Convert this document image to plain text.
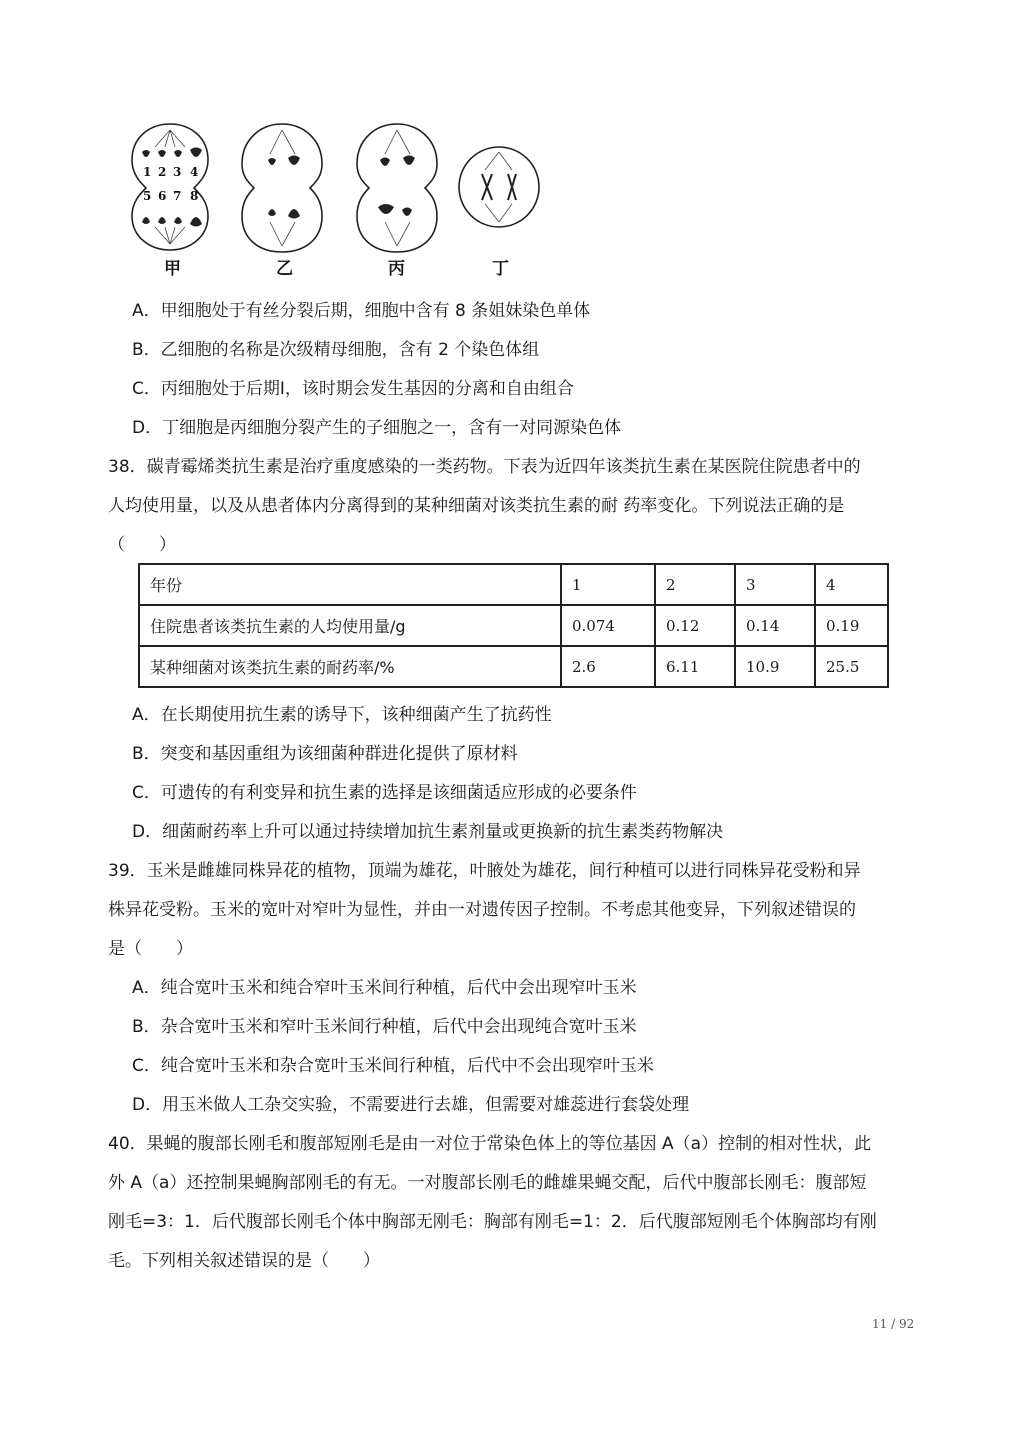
1 2 3 4
5 6 7 8
甲	乙	丙	丁
A．甲细胞处于有丝分裂后期，细胞中含有 8 条姐妹染色单体
B．乙细胞的名称是次级精母细胞，含有 2 个染色体组
C．丙细胞处于后期Ⅰ，该时期会发生基因的分离和自由组合
D．丁细胞是丙细胞分裂产生的子细胞之一，含有一对同源染色体
38．碳青霉烯类抗生素是治疗重度感染的一类药物。下表为近四年该类抗生素在某医院住院患者中的
人均使用量，以及从患者体内分离得到的某种细菌对该类抗生素的耐 药率变化。下列说法正确的是
（　　）
年份	1	2	3	4
住院患者该类抗生素的人均使用量/g	0.074	0.12	0.14	0.19
某种细菌对该类抗生素的耐药率/%	2.6	6.11	10.9	25.5
A．在长期使用抗生素的诱导下，该种细菌产生了抗药性
B．突变和基因重组为该细菌种群进化提供了原材料
C．可遗传的有利变异和抗生素的选择是该细菌适应形成的必要条件
D．细菌耐药率上升可以通过持续增加抗生素剂量或更换新的抗生素类药物解决
39．玉米是雌雄同株异花的植物，顶端为雄花，叶腋处为雄花，间行种植可以进行同株异花受粉和异
株异花受粉。玉米的宽叶对窄叶为显性，并由一对遗传因子控制。不考虑其他变异，下列叙述错误的
是（　　）
A．纯合宽叶玉米和纯合窄叶玉米间行种植，后代中会出现窄叶玉米
B．杂合宽叶玉米和窄叶玉米间行种植，后代中会出现纯合宽叶玉米
C．纯合宽叶玉米和杂合宽叶玉米间行种植，后代中不会出现窄叶玉米
D．用玉米做人工杂交实验，不需要进行去雄，但需要对雄蕊进行套袋处理
40．果蝇的腹部长刚毛和腹部短刚毛是由一对位于常染色体上的等位基因 A（a）控制的相对性状，此
外 A（a）还控制果蝇胸部刚毛的有无。一对腹部长刚毛的雌雄果蝇交配，后代中腹部长刚毛：腹部短
刚毛=3：1．后代腹部长刚毛个体中胸部无刚毛：胸部有刚毛=1：2．后代腹部短刚毛个体胸部均有刚
毛。下列相关叙述错误的是（　　）
11 / 92
